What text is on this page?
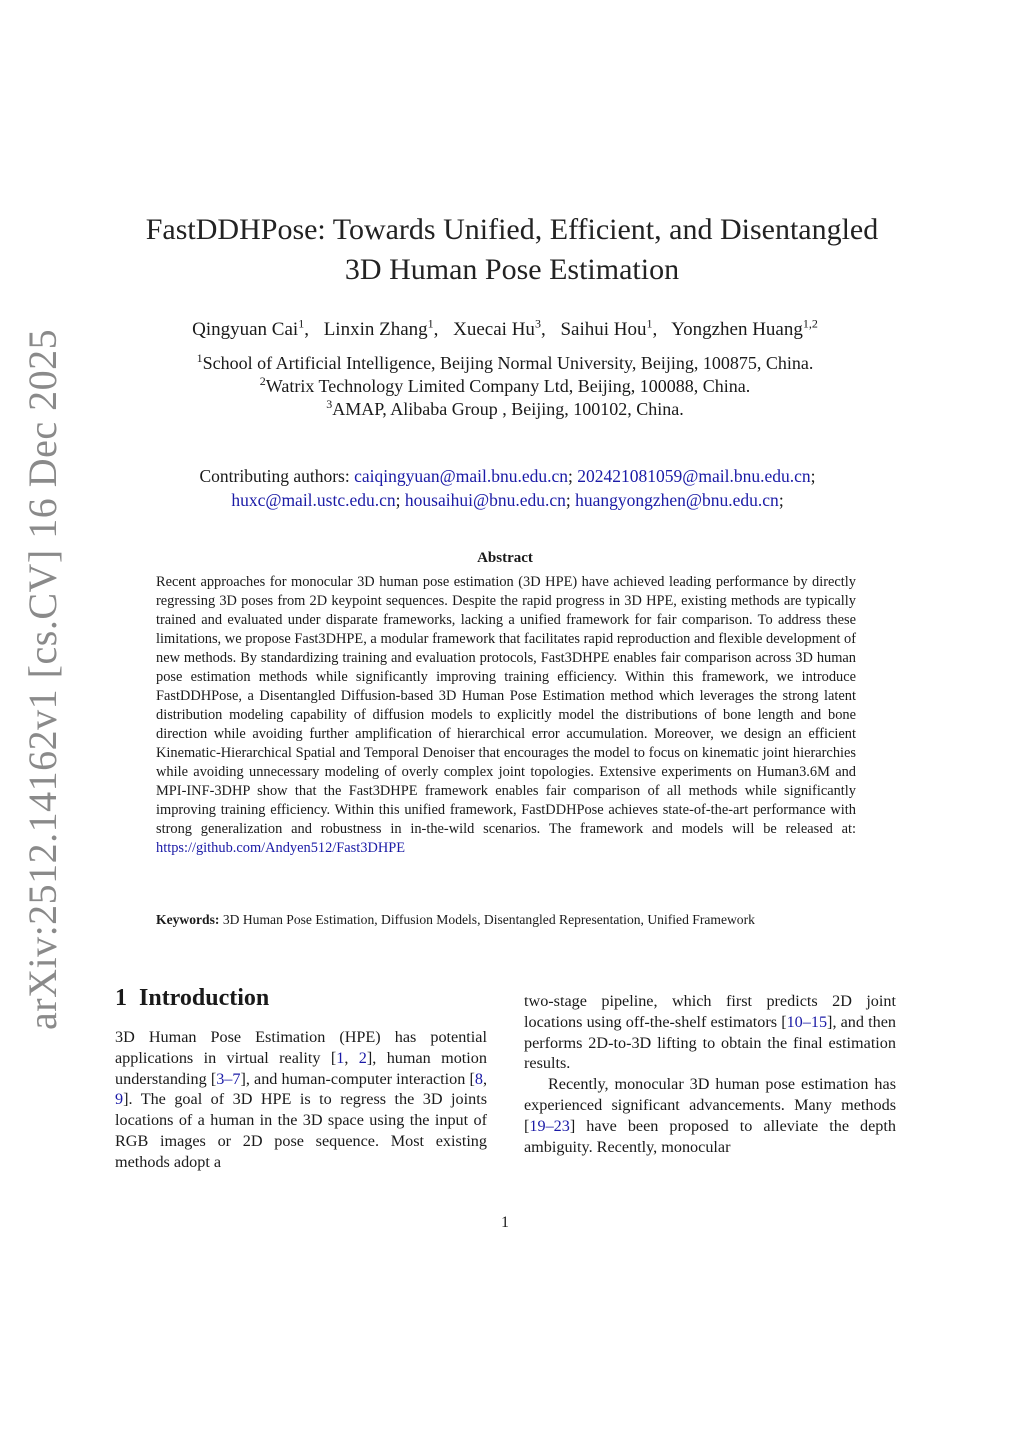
arXiv:2512.14162v1 [cs.CV] 16 Dec 2025
FastDDHPose: Towards Unified, Efficient, and Disentangled
3D Human Pose Estimation
Qingyuan Cai$^1$, Linxin Zhang$^1$, Xuecai Hu$^3$, Saihui Hou$^1$, Yongzhen Huang$^{1,2}$
$^1$School of Artificial Intelligence, Beijing Normal University, Beijing, 100875, China.
$^2$Watrix Technology Limited Company Ltd, Beijing, 100088, China.
$^3$AMAP, Alibaba Group , Beijing, 100102, China.
Contributing authors: caiqingyuan@mail.bnu.edu.cn; 202421081059@mail.bnu.edu.cn;
huxc@mail.ustc.edu.cn; housaihui@bnu.edu.cn; huangyongzhen@bnu.edu.cn;
Abstract
Recent approaches for monocular 3D human pose estimation (3D HPE) have achieved leading performance by directly regressing 3D poses from 2D keypoint sequences. Despite the rapid progress in 3D HPE, existing methods are typically trained and evaluated under disparate frameworks, lacking a unified framework for fair comparison. To address these limitations, we propose Fast3DHPE, a modular framework that facilitates rapid reproduction and flexible development of new methods. By standardizing training and evaluation protocols, Fast3DHPE enables fair comparison across 3D human pose estimation methods while significantly improving training efficiency. Within this framework, we introduce FastDDHPose, a Disentangled Diffusion-based 3D Human Pose Estimation method which leverages the strong latent distribution modeling capability of diffusion models to explicitly model the distributions of bone length and bone direction while avoiding further amplification of hierarchical error accumulation. Moreover, we design an efficient Kinematic-Hierarchical Spatial and Temporal Denoiser that encourages the model to focus on kinematic joint hierarchies while avoiding unnecessary modeling of overly complex joint topologies. Extensive experiments on Human3.6M and MPI-INF-3DHP show that the Fast3DHPE framework enables fair comparison of all methods while significantly improving training efficiency. Within this unified framework, FastDDHPose achieves state-of-the-art performance with strong generalization and robustness in in-the-wild scenarios. The framework and models will be released at: https://github.com/Andyen512/Fast3DHPE
Keywords: 3D Human Pose Estimation, Diffusion Models, Disentangled Representation, Unified Framework
1 Introduction

3D Human Pose Estimation (HPE) has potential applications in virtual reality [1, 2], human motion understanding [3–7], and human-computer interaction [8, 9]. The goal of 3D HPE is to regress the 3D joints locations of a human in the 3D space using the input of RGB images or 2D pose sequence. Most existing methods adopt a

two-stage pipeline, which first predicts 2D joint locations using off-the-shelf estimators [10–15], and then performs 2D-to-3D lifting to obtain the final estimation results.

Recently, monocular 3D human pose estimation has experienced significant advancements. Many methods [19–23] have been proposed to alleviate the depth ambiguity. Recently, monocular

1
